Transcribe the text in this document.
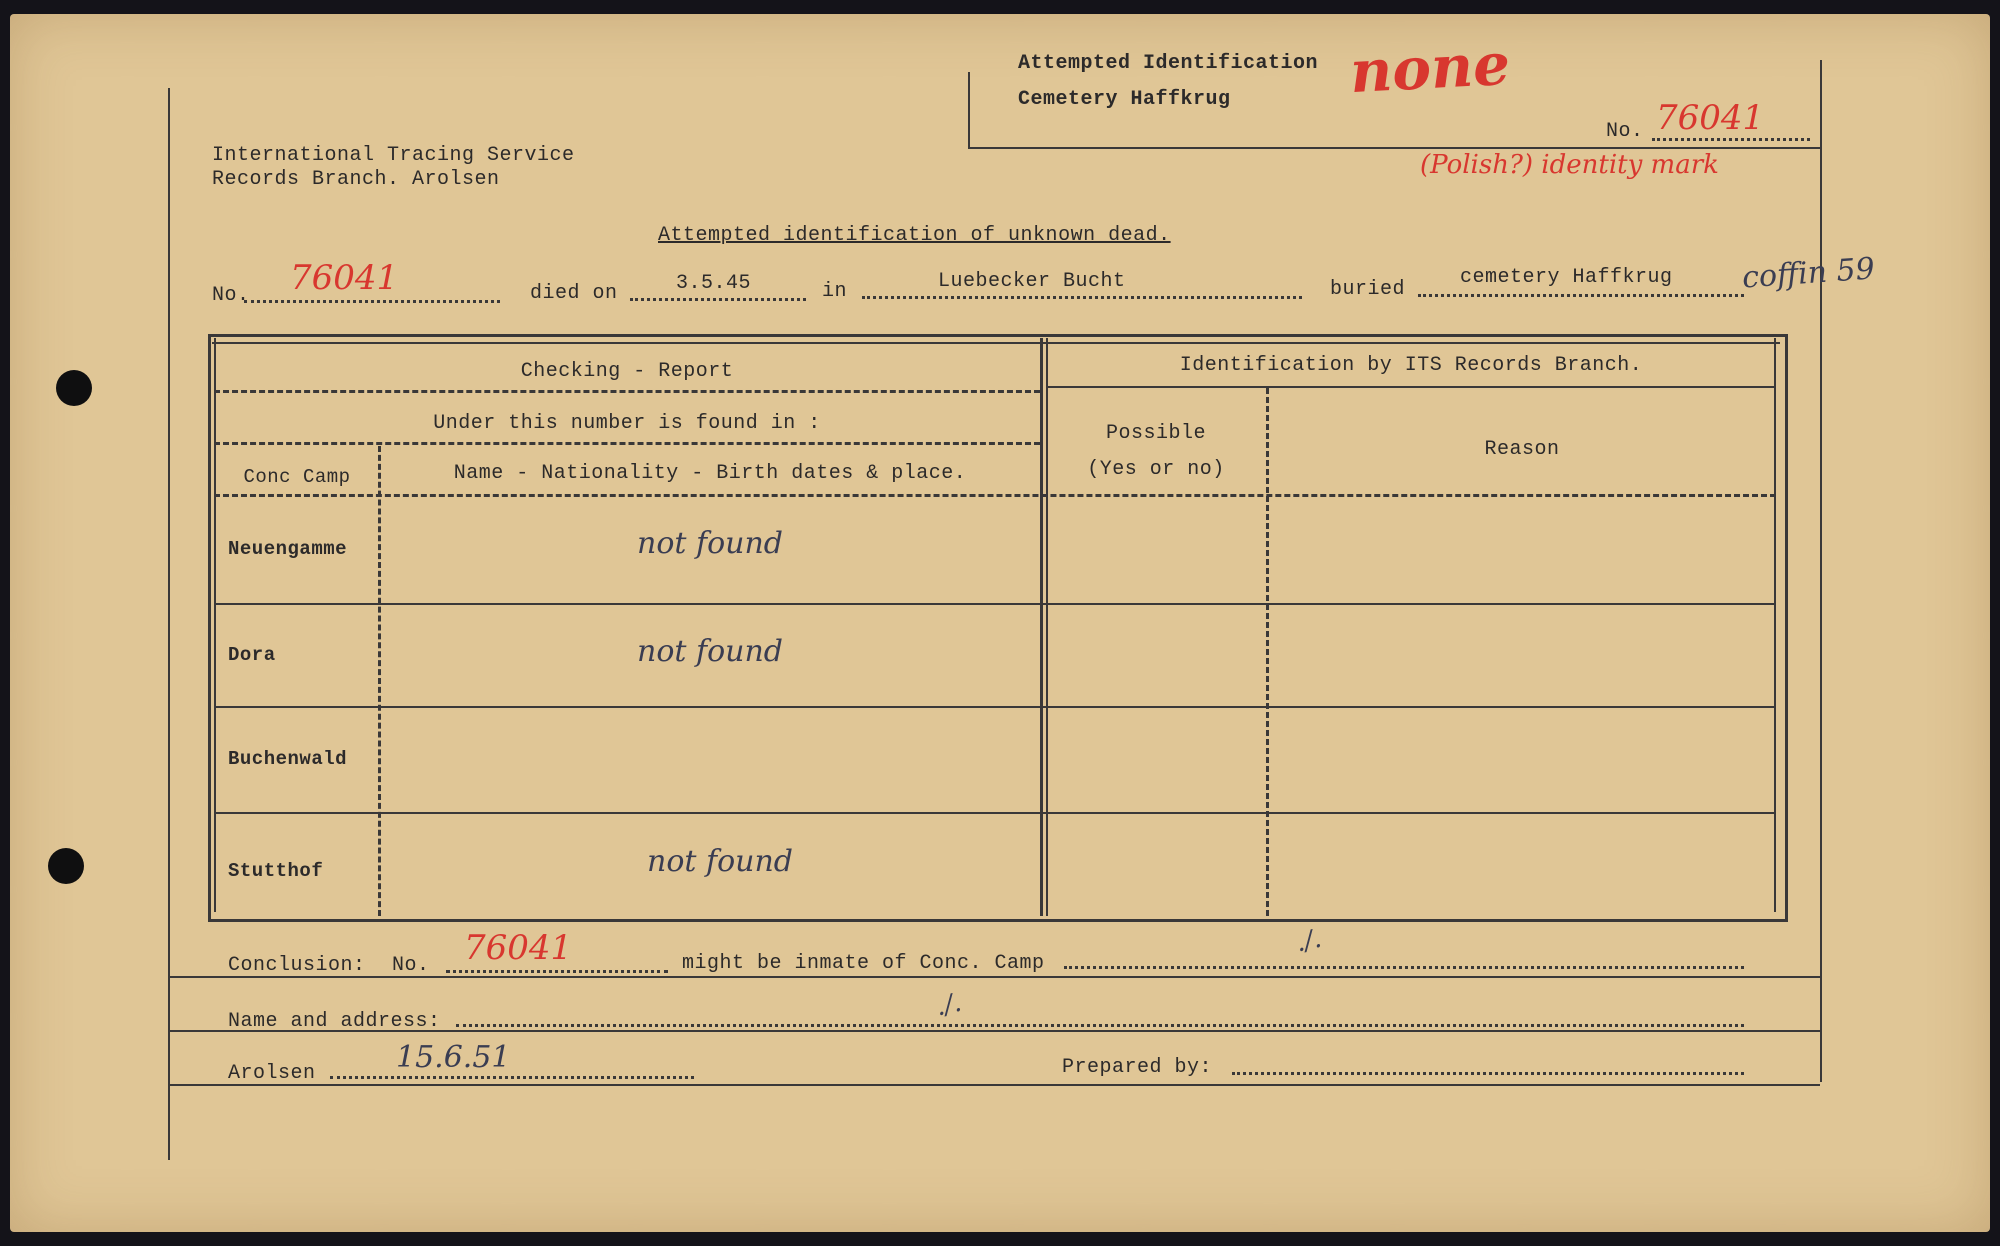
Attempted Identification
Cemetery Haffkrug none
No. 76041
(Polish?) identity mark
International Tracing Service
Records Branch. Arolsen
Attempted identification of unknown dead.
No. 76041	died on	3.5.45	in	Luebecker Bucht	buried
cemetery Haffkrug coffin 59
Checking - Report	Identification by ITS Records Branch.
Under this number is found in :
Conc Camp	Name - Nationality - Birth dates & place.
Possible
(Yes or no)
Reason
Neuengamme	not found
Dora	not found
Buchenwald
Stutthof	not found
Conclusion: No. 76041	might be inmate of Conc. Camp
./.
Name and address:	./.
Arolsen	15.6.51	Prepared by:
